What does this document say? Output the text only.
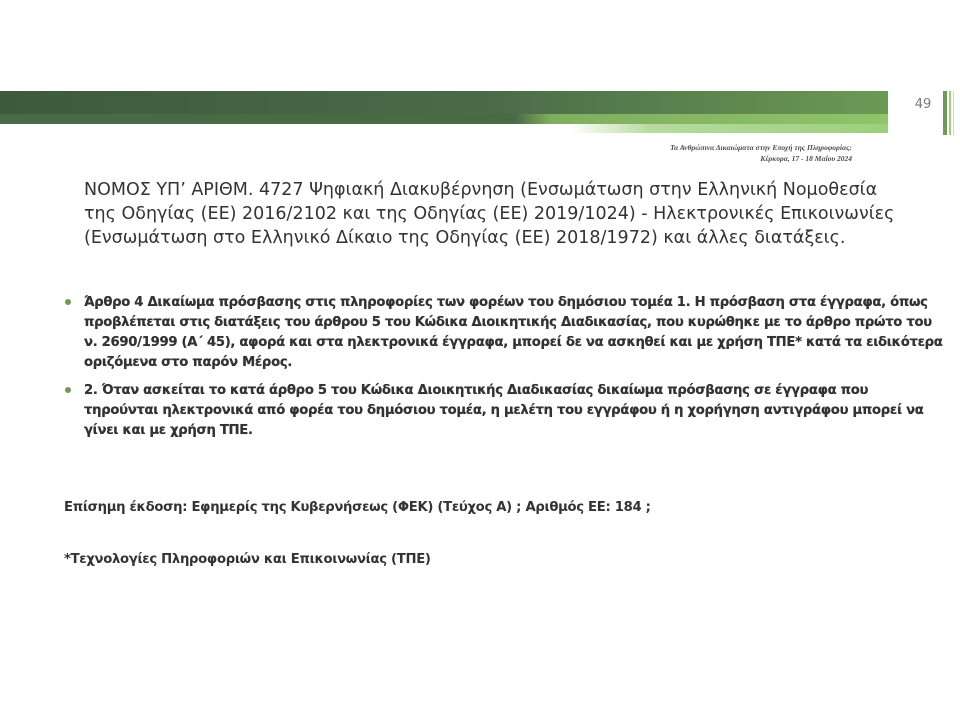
49
Τα Ανθρώπινα Δικαιώματα στην Εποχή της Πληροφορίας:
Κέρκυρα, 17 - 18 Μαΐου 2024

ΝΟΜΟΣ ΥΠ’ ΑΡΙΘΜ. 4727 Ψηφιακή Διακυβέρνηση (Ενσωμάτωση στην Ελληνική Νομοθεσία της Οδηγίας (ΕΕ) 2016/2102 και της Οδηγίας (ΕΕ) 2019/1024) - Ηλεκτρονικές Επικοινωνίες (Ενσωμάτωση στο Ελληνικό Δίκαιο της Οδηγίας (ΕΕ) 2018/1972) και άλλες διατάξεις.

Άρθρο 4 Δικαίωμα πρόσβασης στις πληροφορίες των φορέων του δημόσιου τομέα 1. Η πρόσβαση στα έγγραφα, όπως προβλέπεται στις διατάξεις του άρθρου 5 του Κώδικα Διοικητικής Διαδικασίας, που κυρώθηκε με το άρθρο πρώτο του ν. 2690/1999 (Α΄ 45), αφορά και στα ηλεκτρονικά έγγραφα, μπορεί δε να ασκηθεί και με χρήση ΤΠΕ* κατά τα ειδικότερα οριζόμενα στο παρόν Μέρος.
2. Όταν ασκείται το κατά άρθρο 5 του Κώδικα Διοικητικής Διαδικασίας δικαίωμα πρόσβασης σε έγγραφα που τηρούνται ηλεκτρονικά από φορέα του δημόσιου τομέα, η μελέτη του εγγράφου ή η χορήγηση αντιγράφου μπορεί να γίνει και με χρήση ΤΠΕ.
Επίσημη έκδοση: Εφημερίς της Κυβερνήσεως (ΦΕΚ) (Τεύχος Α) ; Αριθμός ΕΕ: 184 ;
*Τεχνολογίες Πληροφοριών και Επικοινωνίας (ΤΠΕ)
